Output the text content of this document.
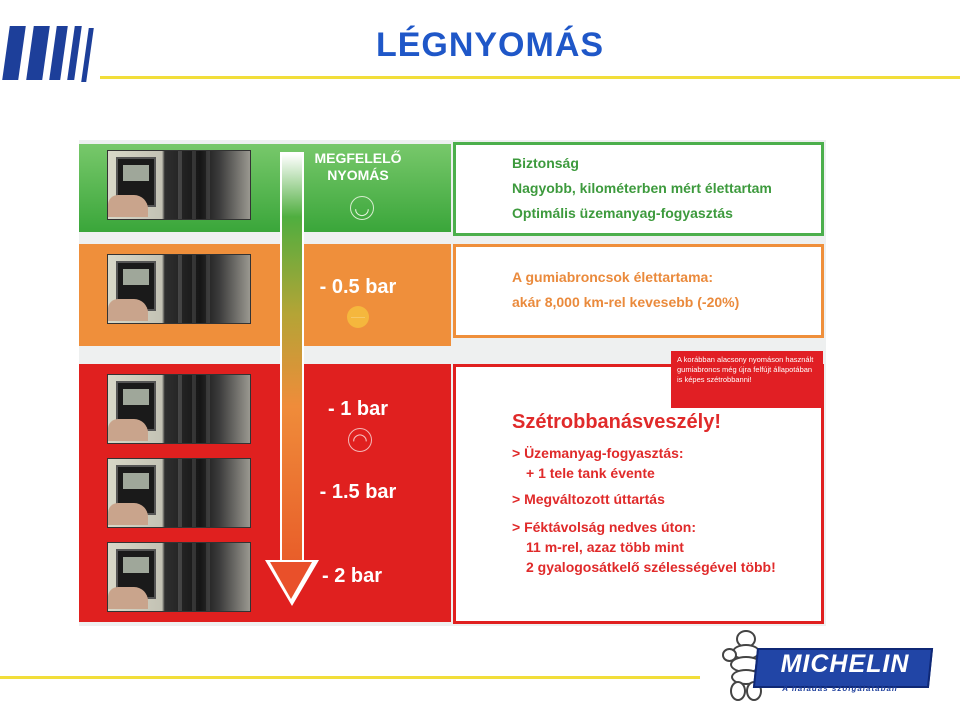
LÉGNYOMÁS
Biztonság
Nagyobb, kilométerben mért élettartam
Optimális üzemanyag-fogyasztás
A gumiabroncsok élettartama:
akár 8,000 km-rel kevesebb (-20%)
Szétrobbanásveszély!
> Üzemanyag-fogyasztás:
+ 1 tele tank évente
> Megváltozott úttartás
> Féktávolság nedves úton:
11 m-rel, azaz több mint
2 gyalogosátkelő szélességével több!
MEGFELELŐ
NYOMÁS
◡
- 0.5 bar
—
- 1 bar
◠
- 1.5 bar
- 2 bar
A korábban alacsony nyomáson használt gumiabroncs még újra felfújt állapotában is képes szétrobbanni!
MICHELIN
A haladás szolgálatában
